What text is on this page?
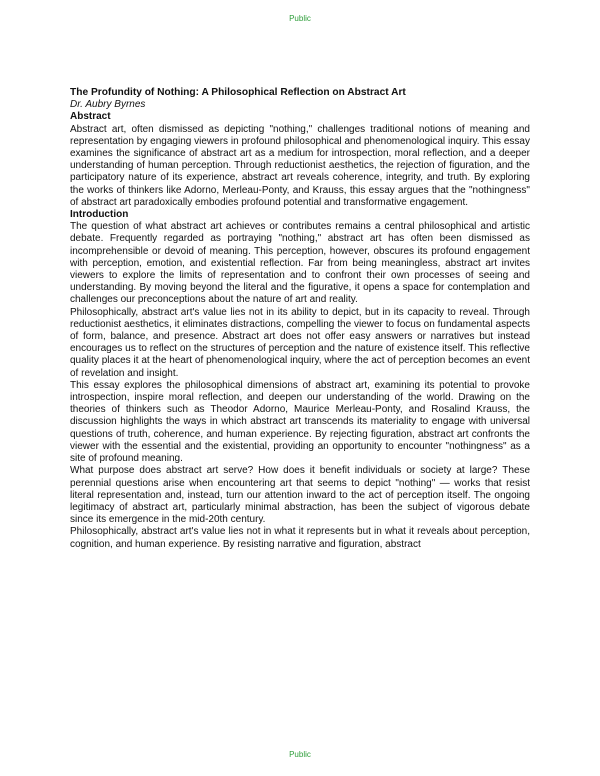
Public

The Profundity of Nothing: A Philosophical Reflection on Abstract Art

Dr. Aubry Byrnes

Abstract

Abstract art, often dismissed as depicting "nothing," challenges traditional notions of meaning and representation by engaging viewers in profound philosophical and phenomenological inquiry. This essay examines the significance of abstract art as a medium for introspection, moral reflection, and a deeper understanding of human perception. Through reductionist aesthetics, the rejection of figuration, and the participatory nature of its experience, abstract art reveals coherence, integrity, and truth. By exploring the works of thinkers like Adorno, Merleau-Ponty, and Krauss, this essay argues that the "nothingness" of abstract art paradoxically embodies profound potential and transformative engagement.

Introduction

The question of what abstract art achieves or contributes remains a central philosophical and artistic debate. Frequently regarded as portraying "nothing," abstract art has often been dismissed as incomprehensible or devoid of meaning. This perception, however, obscures its profound engagement with perception, emotion, and existential reflection. Far from being meaningless, abstract art invites viewers to explore the limits of representation and to confront their own processes of seeing and understanding. By moving beyond the literal and the figurative, it opens a space for contemplation and challenges our preconceptions about the nature of art and reality.

Philosophically, abstract art's value lies not in its ability to depict, but in its capacity to reveal. Through reductionist aesthetics, it eliminates distractions, compelling the viewer to focus on fundamental aspects of form, balance, and presence. Abstract art does not offer easy answers or narratives but instead encourages us to reflect on the structures of perception and the nature of existence itself. This reflective quality places it at the heart of phenomenological inquiry, where the act of perception becomes an event of revelation and insight.

This essay explores the philosophical dimensions of abstract art, examining its potential to provoke introspection, inspire moral reflection, and deepen our understanding of the world. Drawing on the theories of thinkers such as Theodor Adorno, Maurice Merleau-Ponty, and Rosalind Krauss, the discussion highlights the ways in which abstract art transcends its materiality to engage with universal questions of truth, coherence, and human experience. By rejecting figuration, abstract art confronts the viewer with the essential and the existential, providing an opportunity to encounter "nothingness" as a site of profound meaning.

What purpose does abstract art serve? How does it benefit individuals or society at large? These perennial questions arise when encountering art that seems to depict "nothing" — works that resist literal representation and, instead, turn our attention inward to the act of perception itself. The ongoing legitimacy of abstract art, particularly minimal abstraction, has been the subject of vigorous debate since its emergence in the mid-20th century.

Philosophically, abstract art's value lies not in what it represents but in what it reveals about perception, cognition, and human experience. By resisting narrative and figuration, abstract

Public
